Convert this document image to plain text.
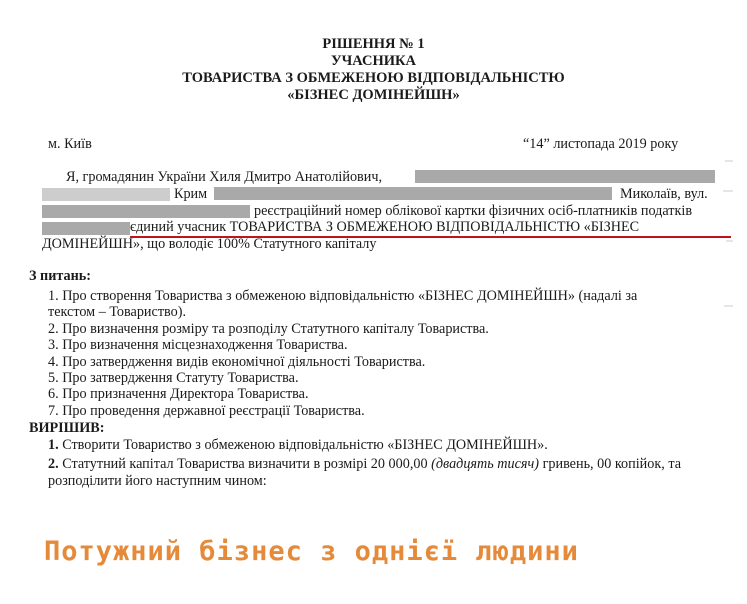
РІШЕННЯ № 1
УЧАСНИКА
ТОВАРИСТВА З ОБМЕЖЕНОЮ ВІДПОВІДАЛЬНІСТЮ
«БІЗНЕС ДОМІНЕЙШН»
м. Київ	“14” листопада 2019 року
Я, громадянин України Хиля Дмитро Анатолійович,
Крим	Миколаїв, вул.
реєстраційний номер облікової картки фізичних осіб-платників податків
єдиний учасник ТОВАРИСТВА З ОБМЕЖЕНОЮ ВІДПОВІДАЛЬНІСТЮ «БІЗНЕС
ДОМІНЕЙШН», що володіє 100% Статутного капіталу
З питань:
1. Про створення Товариства з обмеженою відповідальністю «БІЗНЕС ДОМІНЕЙШН» (надалі за
текстом – Товариство).
2. Про визначення розміру та розподілу Статутного капіталу Товариства.
3. Про визначення місцезнаходження Товариства.
4. Про затвердження видів економічної діяльності Товариства.
5. Про затвердження Статуту Товариства.
6. Про призначення Директора Товариства.
7. Про проведення державної реєстрації Товариства.
ВИРІШИВ:
1. Створити Товариство з обмеженою відповідальністю «БІЗНЕС ДОМІНЕЙШН».
2. Статутний капітал Товариства визначити в розмірі 20 000,00 (двадцять тисяч) гривень, 00 копійок, та
розподілити його наступним чином:
Потужний бізнес з однієї людини
